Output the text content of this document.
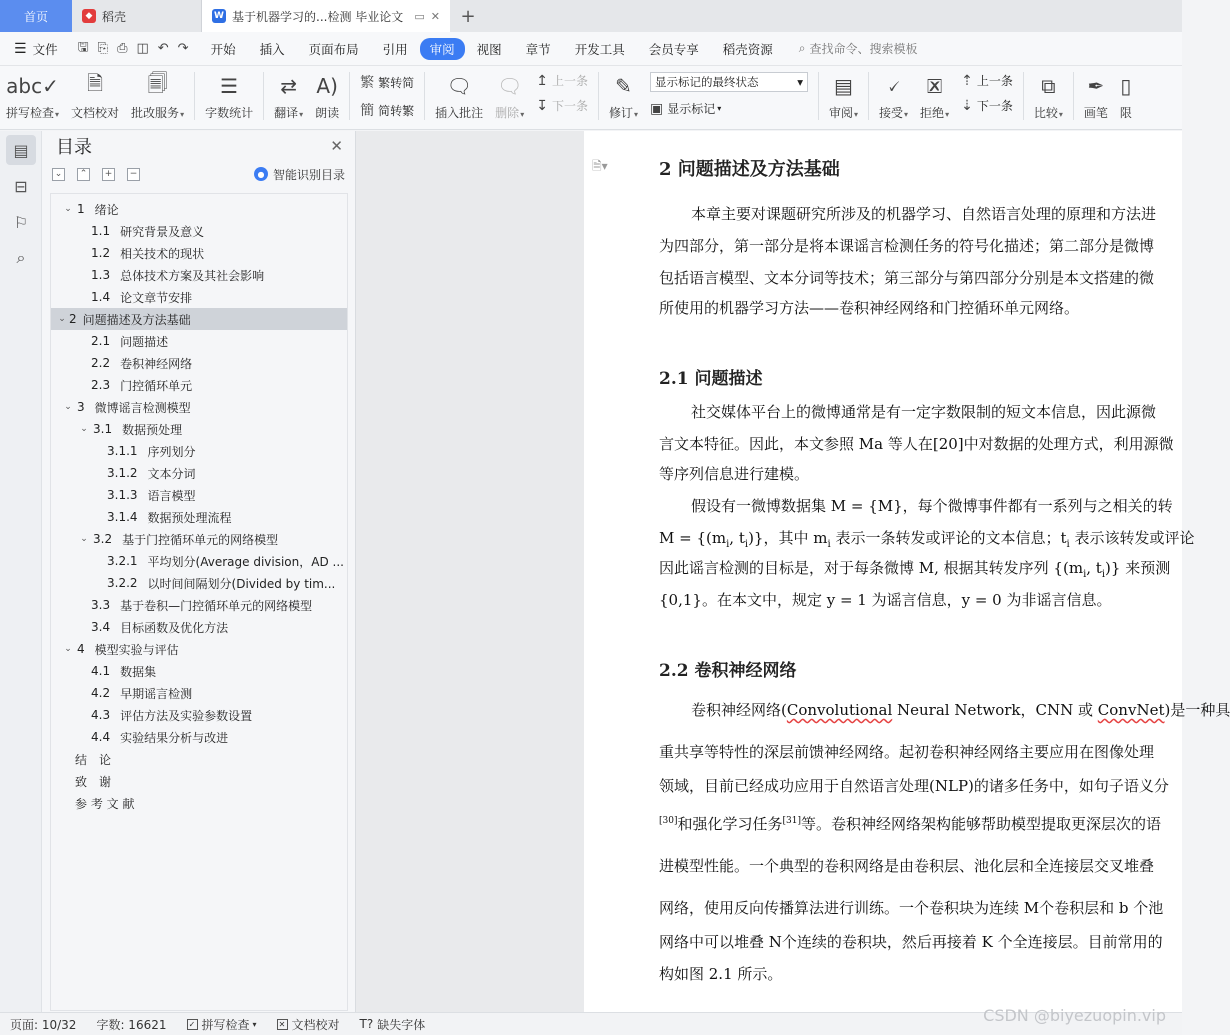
首页	◆ 稻壳	W 基于机器学习的...检测 毕业论文	▭ ✕ +
☰ 文件 🖫 ⎘ ⎙ ◫ ↶ ↷	开始	插入	页面布局	引用	审阅	视图	章节	开发工具	会员专享	稻壳资源	⌕ 查找命令、搜索模板
abc✓
拼写检查▾
🗎
文档校对
🗐
批改服务▾
☰
字数统计
⇄
翻译▾
A)
朗读
繁 繁转简
簡 简转繁
🗨
插入批注
🗨
删除▾
↥ 上一条
↧ 下一条
✎
修订▾
显示标记的最终状态	▾
▣ 显示标记 ▾
▤
审阅▾
🗸
接受▾
🗷
拒绝▾
⇡ 上一条
⇣ 下一条
⧉
比较▾
✒
画笔
▯
限
▤
⊟
⚐
⌕
目录	✕
⌄	⌃	+	−	● 智能识别目录
⌄ 1 绪论
1.1 研究背景及意义
1.2 相关技术的现状
1.3 总体技术方案及其社会影响
1.4 论文章节安排
⌄ 2 问题描述及方法基础
2.1 问题描述
2.2 卷积神经网络
2.3 门控循环单元
⌄ 3 微博谣言检测模型
⌄ 3.1 数据预处理
3.1.1 序列划分
3.1.2 文本分词
3.1.3 语言模型
3.1.4 数据预处理流程
⌄ 3.2 基于门控循环单元的网络模型
3.2.1 平均划分(Average division，AD ...
3.2.2 以时间间隔划分(Divided by tim...
3.3 基于卷积—门控循环单元的网络模型
3.4 目标函数及优化方法
⌄ 4 模型实验与评估
4.1 数据集
4.2 早期谣言检测
4.3 评估方法及实验参数设置
4.4 实验结果分析与改进
结　论
致　谢
参 考 文 献
🗎▾	2 问题描述及方法基础

本章主要对课题研究所涉及的机器学习、自然语言处理的原理和方法进

为四部分，第一部分是将本课谣言检测任务的符号化描述；第二部分是微博

包括语言模型、文本分词等技术；第三部分与第四部分分别是本文搭建的微

所使用的机器学习方法——卷积神经网络和门控循环单元网络。

2.1 问题描述

社交媒体平台上的微博通常是有一定字数限制的短文本信息，因此源微

言文本特征。因此，本文参照 Ma 等人在[20]中对数据的处理方式，利用源微

等序列信息进行建模。

假设有一微博数据集 M = {M}，每个微博事件都有一系列与之相关的转

$M = \{(m_i$, $t_i$)}，其中 $m_i$ 表示一条转发或评论的文本信息；$t_i$ 表示该转发或评论

因此谣言检测的目标是，对于每条微博 M, 根据其转发序列 {($m_i$, $t_i$)} 来预测

{0,1}。在本文中，规定 y = 1 为谣言信息，y = 0 为非谣言信息。

2.2 卷积神经网络

卷积神经网络(Convolutional Neural Network，CNN 或 ConvNet)是一种具

重共享等特性的深层前馈神经网络。起初卷积神经网络主要应用在图像处理

领域，目前已经成功应用于自然语言处理(NLP)的诸多任务中，如句子语义分

[30]和强化学习任务[31]等。卷积神经网络架构能够帮助模型提取更深层次的语

进模型性能。一个典型的卷积网络是由卷积层、池化层和全连接层交叉堆叠

网络，使用反向传播算法进行训练。一个卷积块为连续 M个卷积层和 b 个池

网络中可以堆叠 N个连续的卷积块，然后再接着 K 个全连接层。目前常用的

构如图 2.1 所示。

页面: 10/32	字数: 16621	✓ 拼写检查 ▾	✕ 文档校对 T? 缺失字体	CSDN @biyezuopin.vip
